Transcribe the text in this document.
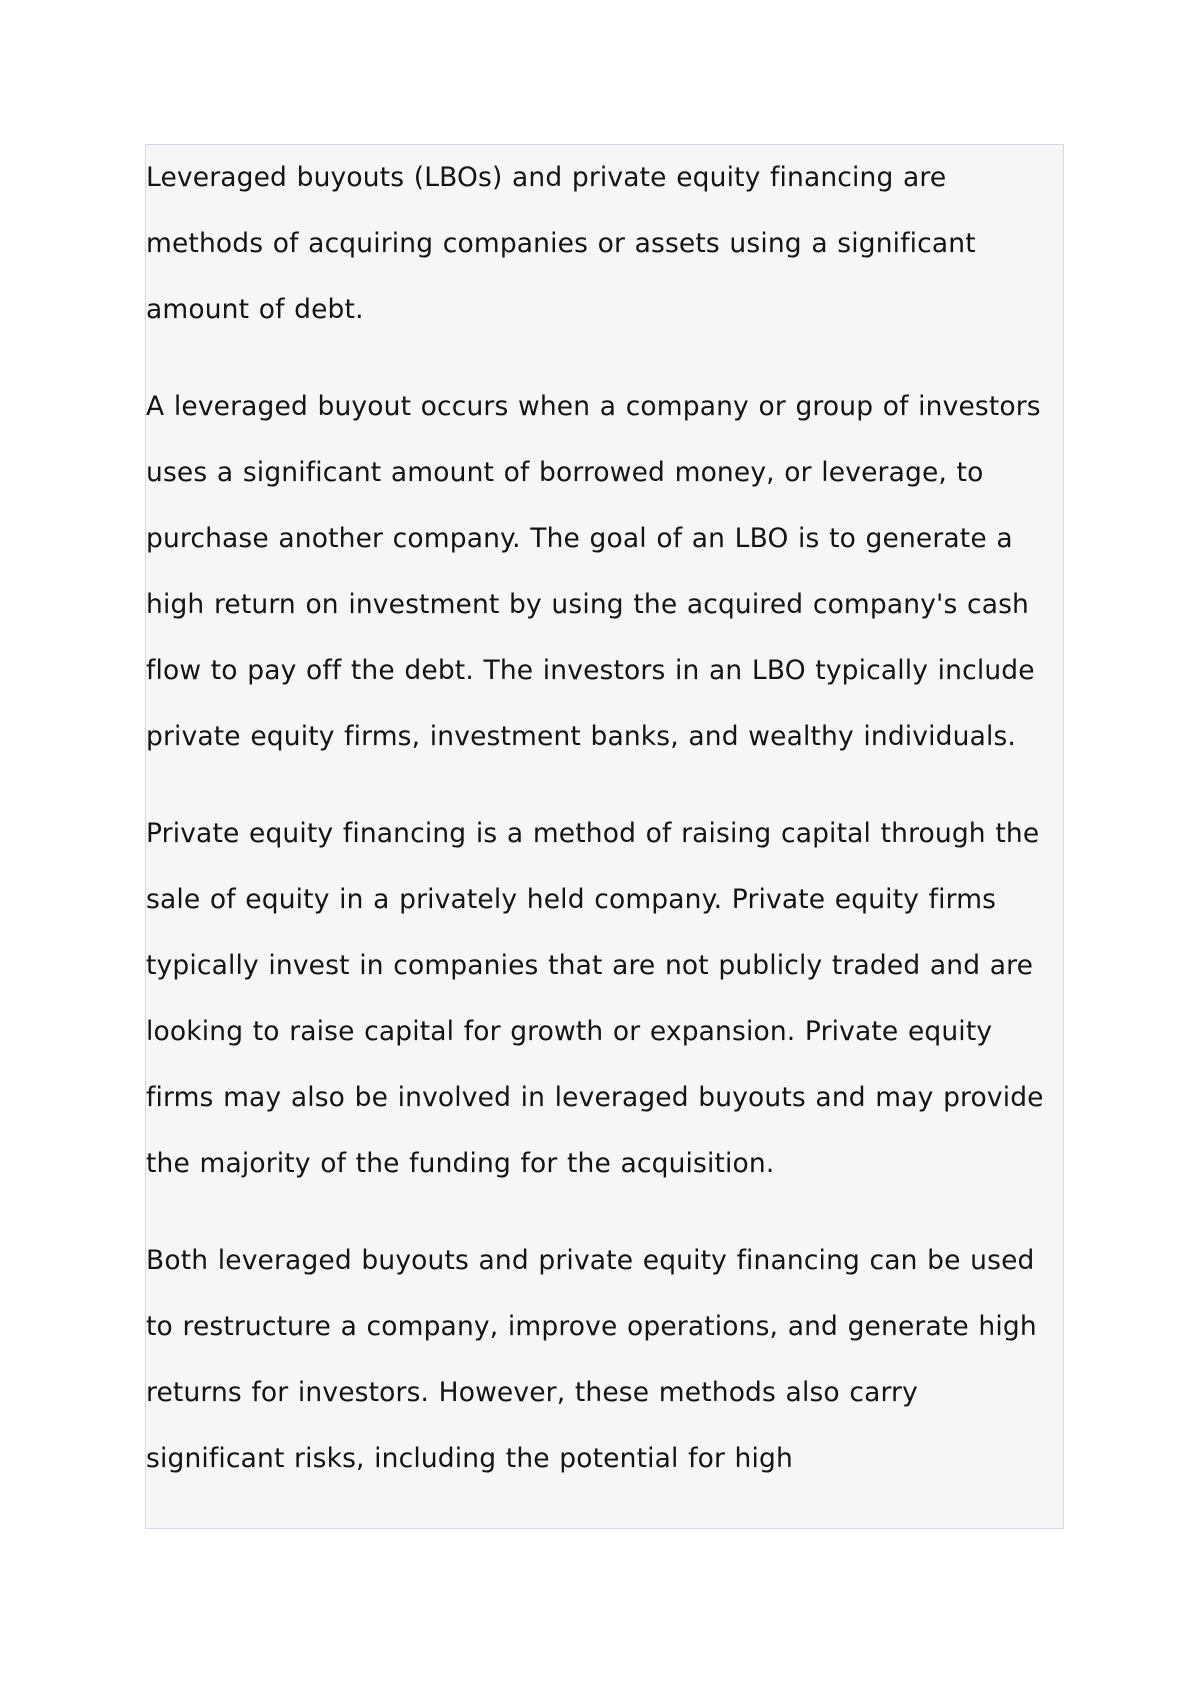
Leveraged buyouts (LBOs) and private equity financing are methods of acquiring companies or assets using a significant amount of debt.

A leveraged buyout occurs when a company or group of investors uses a significant amount of borrowed money, or leverage, to purchase another company. The goal of an LBO is to generate a high return on investment by using the acquired company's cash flow to pay off the debt. The investors in an LBO typically include private equity firms, investment banks, and wealthy individuals.

Private equity financing is a method of raising capital through the sale of equity in a privately held company. Private equity firms typically invest in companies that are not publicly traded and are looking to raise capital for growth or expansion. Private equity firms may also be involved in leveraged buyouts and may provide the majority of the funding for the acquisition.

Both leveraged buyouts and private equity financing can be used to restructure a company, improve operations, and generate high returns for investors. However, these methods also carry significant risks, including the potential for high
